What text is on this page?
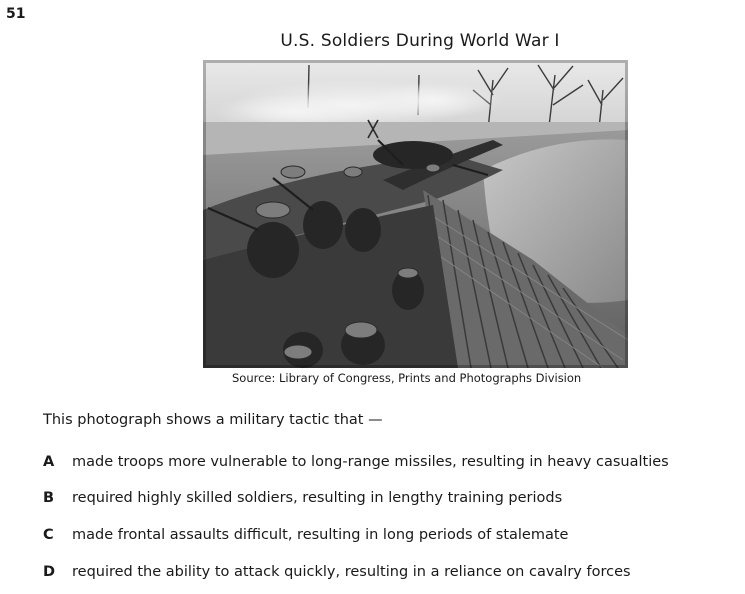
51
U.S. Soldiers During World War I
Source: Library of Congress, Prints and Photographs Division
This photograph shows a military tactic that —
A made troops more vulnerable to long-range missiles, resulting in heavy casualties
B required highly skilled soldiers, resulting in lengthy training periods
C made frontal assaults difficult, resulting in long periods of stalemate
D required the ability to attack quickly, resulting in a reliance on cavalry forces
